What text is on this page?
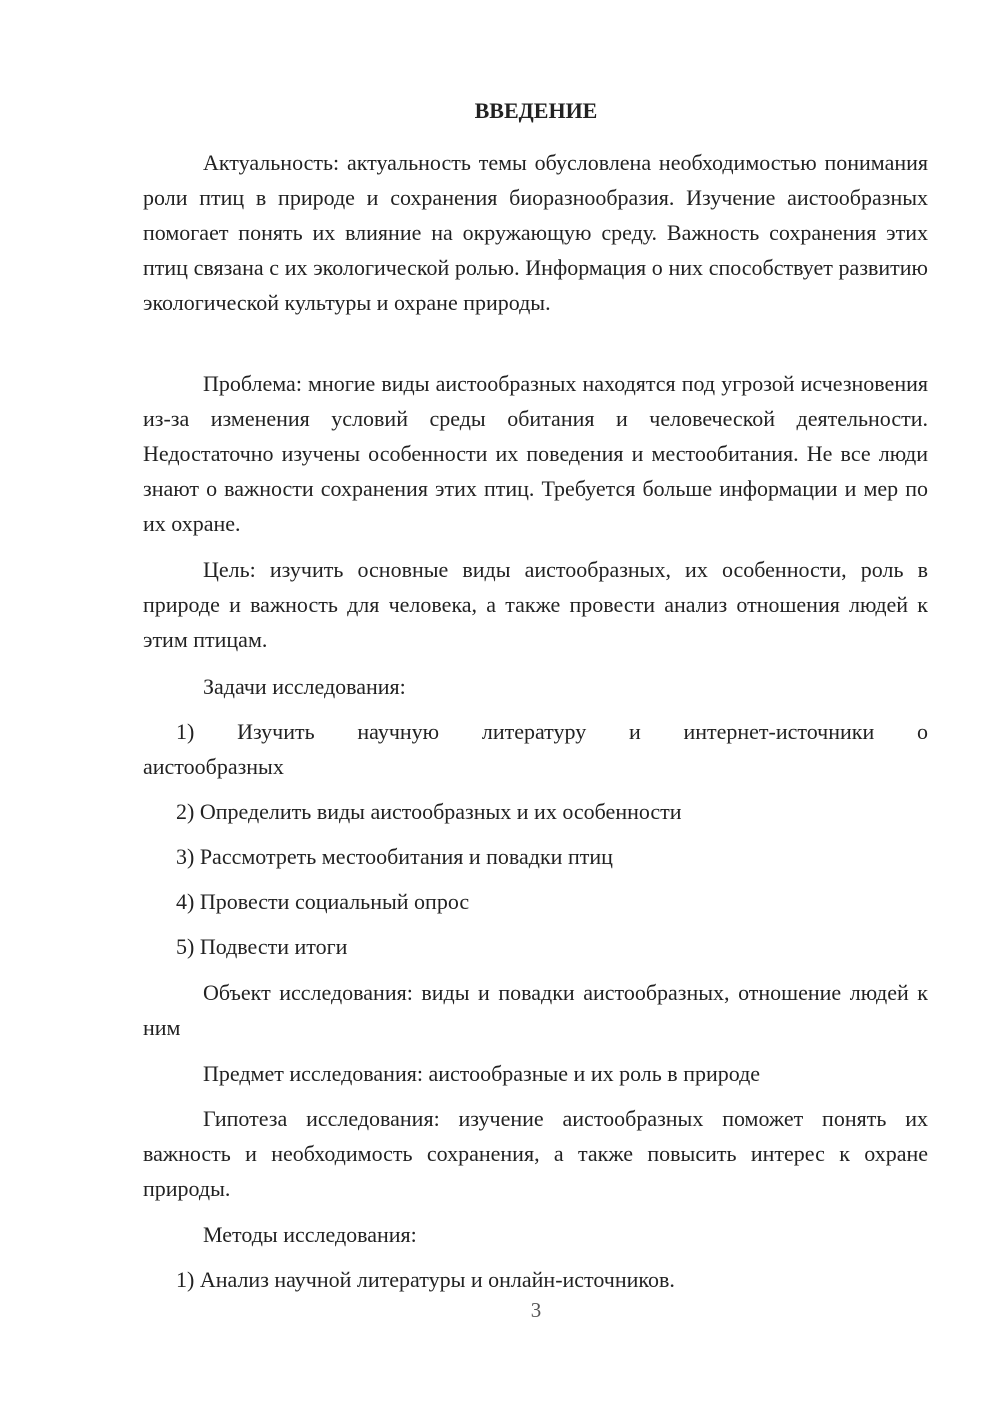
ВВЕДЕНИЕ

Актуальность: актуальность темы обусловлена необходимостью понимания роли птиц в природе и сохранения биоразнообразия. Изучение аистообразных помогает понять их влияние на окружающую среду. Важность сохранения этих птиц связана с их экологической ролью. Информация о них способствует развитию экологической культуры и охране природы.

Проблема: многие виды аистообразных находятся под угрозой исчезновения из-за изменения условий среды обитания и человеческой деятельности. Недостаточно изучены особенности их поведения и местообитания. Не все люди знают о важности сохранения этих птиц. Требуется больше информации и мер по их охране.

Цель: изучить основные виды аистообразных, их особенности, роль в природе и важность для человека, а также провести анализ отношения людей к этим птицам.

Задачи исследования:

1) Изучить научную литературу и интернет-источники о
аистообразных

2) Определить виды аистообразных и их особенности

3) Рассмотреть местообитания и повадки птиц

4) Провести социальный опрос

5) Подвести итоги

Объект исследования: виды и повадки аистообразных, отношение людей к ним

Предмет исследования: аистообразные и их роль в природе

Гипотеза исследования: изучение аистообразных поможет понять их важность и необходимость сохранения, а также повысить интерес к охране природы.

Методы исследования:

1) Анализ научной литературы и онлайн-источников.

3
